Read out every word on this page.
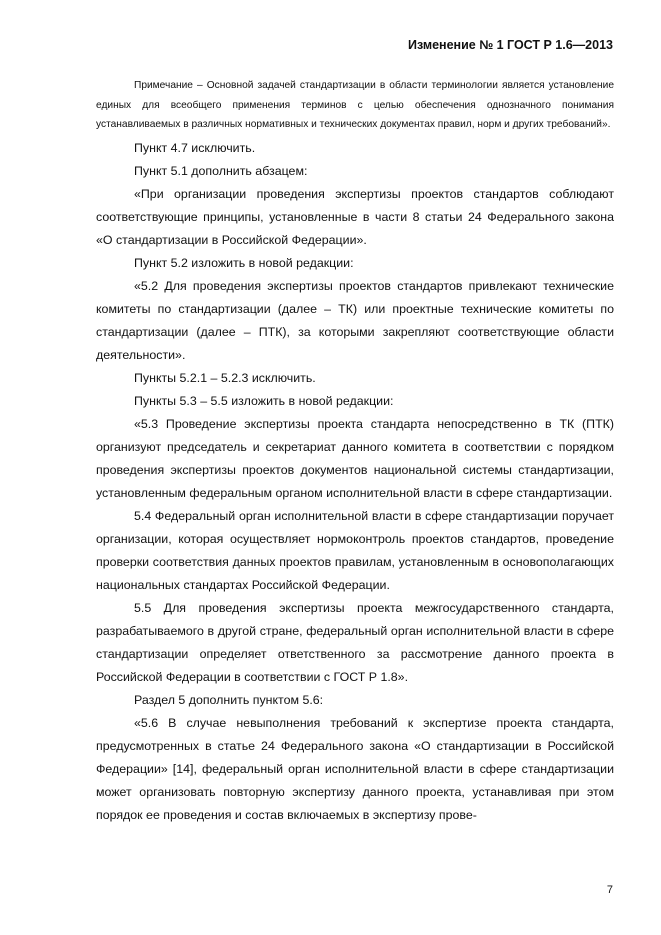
Изменение № 1 ГОСТ Р 1.6—2013

Примечание – Основной задачей стандартизации в области терминологии является установление единых для всеобщего применения терминов с целью обеспечения однозначного понимания устанавливаемых в различных нормативных и технических документах правил, норм и других требований».

Пункт 4.7 исключить.

Пункт 5.1 дополнить абзацем:

«При организации проведения экспертизы проектов стандартов соблюдают соответствующие принципы, установленные в части 8 статьи 24 Федерального закона «О стандартизации в Российской Федерации».

Пункт 5.2 изложить в новой редакции:

«5.2 Для проведения экспертизы проектов стандартов привлекают технические комитеты по стандартизации (далее – ТК) или проектные технические комитеты по стандартизации (далее – ПТК), за которыми закрепляют соответствующие области деятельности».

Пункты 5.2.1 – 5.2.3 исключить.

Пункты 5.3 – 5.5 изложить в новой редакции:

«5.3 Проведение экспертизы проекта стандарта непосредственно в ТК (ПТК) организуют председатель и секретариат данного комитета в соответствии с порядком проведения экспертизы проектов документов национальной системы стандартизации, установленным федеральным органом исполнительной власти в сфере стандартизации.

5.4 Федеральный орган исполнительной власти в сфере стандартизации поручает организации, которая осуществляет нормоконтроль проектов стандартов, проведение проверки соответствия данных проектов правилам, установленным в основополагающих национальных стандартах Российской Федерации.

5.5 Для проведения экспертизы проекта межгосударственного стандарта, разрабатываемого в другой стране, федеральный орган исполнительной власти в сфере стандартизации определяет ответственного за рассмотрение данного проекта в Российской Федерации в соответствии с ГОСТ Р 1.8».

Раздел 5 дополнить пунктом 5.6:

«5.6 В случае невыполнения требований к экспертизе проекта стандарта, предусмотренных в статье 24 Федерального закона «О стандартизации в Российской Федерации» [14], федеральный орган исполнительной власти в сфере стандартизации может организовать повторную экспертизу данного проекта, устанавливая при этом порядок ее проведения и состав включаемых в экспертизу прове-

7
